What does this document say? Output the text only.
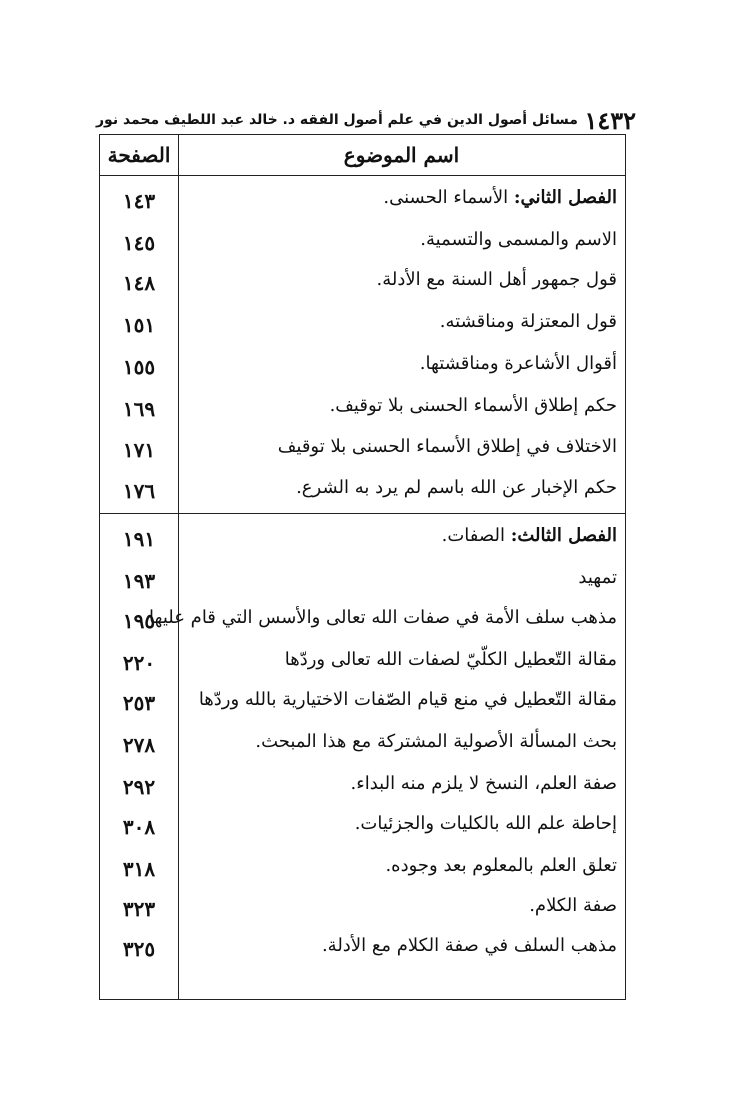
١٤٣٢
مسائل أصول الدين في علم أصول الفقه د. خالد عبد اللطيف محمد نور
اسم الموضوع
الصفحة
الفصل الثاني: الأسماء الحسنى.
١٤٣
الاسم والمسمى والتسمية.
١٤٥
قول جمهور أهل السنة مع الأدلة.
١٤٨
قول المعتزلة ومناقشته.
١٥١
أقوال الأشاعرة ومناقشتها.
١٥٥
حكم إطلاق الأسماء الحسنى بلا توقيف.
١٦٩
الاختلاف في إطلاق الأسماء الحسنى بلا توقيف
١٧١
حكم الإخبار عن الله باسم لم يرد به الشرع.
١٧٦
الفصل الثالث: الصفات.
١٩١
تمهيد
١٩٣
مذهب سلف الأمة في صفات الله تعالى والأسس التي قام عليها
١٩٥
مقالة التّعطيل الكلّيّ لصفات الله تعالى وردّها
٢٢٠
مقالة التّعطيل في منع قيام الصّفات الاختيارية بالله وردّها
٢٥٣
بحث المسألة الأصولية المشتركة مع هذا المبحث.
٢٧٨
صفة العلم، النسخ لا يلزم منه البداء.
٢٩٢
إحاطة علم الله بالكليات والجزئيات.
٣٠٨
تعلق العلم بالمعلوم بعد وجوده.
٣١٨
صفة الكلام.
٣٢٣
مذهب السلف في صفة الكلام مع الأدلة.
٣٢٥
